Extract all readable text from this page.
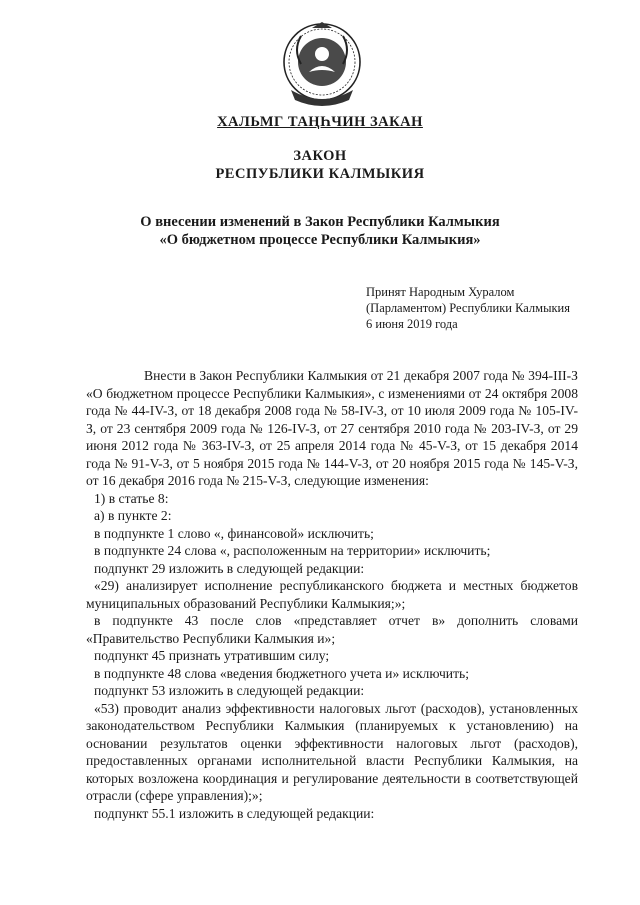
ХАЛЬМГ ТАҢҺЧИН ЗАКАН
ЗАКОН
РЕСПУБЛИКИ КАЛМЫКИЯ
О внесении изменений в Закон Республики Калмыкия
«О бюджетном процессе Республики Калмыкия»
Принят Народным Хуралом
(Парламентом) Республики Калмыкия
6 июня 2019 года

Внести в Закон Республики Калмыкия от 21 декабря 2007 года № 394-III-З «О бюджетном процессе Республики Калмыкия», с изменениями от 24 октября 2008 года № 44-IV-З, от 18 декабря 2008 года № 58-IV-З, от 10 июля 2009 года № 105-IV-З, от 23 сентября 2009 года № 126-IV-З, от 27 сентября 2010 года № 203-IV-З, от 29 июня 2012 года № 363-IV-З, от 25 апреля 2014 года № 45-V-З, от 15 декабря 2014 года № 91-V-З, от 5 ноября 2015 года № 144-V-З, от 20 ноября 2015 года № 145-V-З, от 16 декабря 2016 года № 215-V-З, следующие изменения:

1) в статье 8:

а) в пункте 2:

в подпункте 1 слово «, финансовой» исключить;

в подпункте 24 слова «, расположенным на территории» исключить;

подпункт 29 изложить в следующей редакции:

«29) анализирует исполнение республиканского бюджета и местных бюджетов муниципальных образований Республики Калмыкия;»;

в подпункте 43 после слов «представляет отчет в» дополнить словами «Правительство Республики Калмыкия и»;

подпункт 45 признать утратившим силу;

в подпункте 48 слова «ведения бюджетного учета и» исключить;

подпункт 53 изложить в следующей редакции:

«53) проводит анализ эффективности налоговых льгот (расходов), установленных законодательством Республики Калмыкия (планируемых к установлению) на основании результатов оценки эффективности налоговых льгот (расходов), предоставленных органами исполнительной власти Республики Калмыкия, на которых возложена координация и регулирование деятельности в соответствующей отрасли (сфере управления);»;

подпункт 55.1 изложить в следующей редакции:
